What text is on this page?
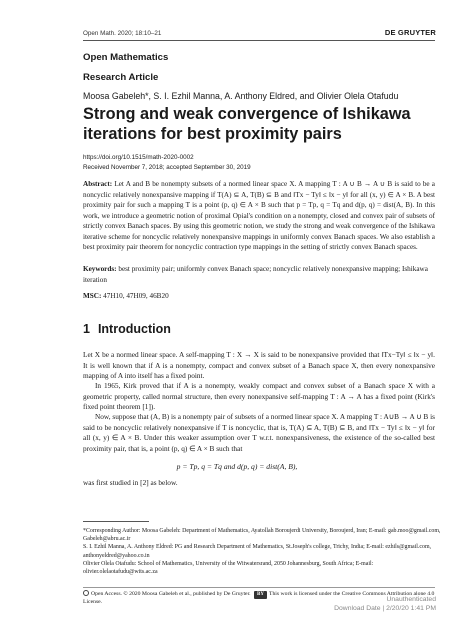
Open Math. 2020; 18:10–21	DE GRUYTER
Open Mathematics
Research Article
Moosa Gabeleh*, S. I. Ezhil Manna, A. Anthony Eldred, and Olivier Olela Otafudu
Strong and weak convergence of Ishikawa iterations for best proximity pairs
https://doi.org/10.1515/math-2020-0002
Received November 7, 2018; accepted September 30, 2019
Abstract: Let A and B be nonempty subsets of a normed linear space X. A mapping T : A ∪ B → A ∪ B is said to be a noncyclic relatively nonexpansive mapping if T(A) ⊆ A, T(B) ⊆ B and ‖Tx − Ty‖ ≤ ‖x − y‖ for all (x, y) ∈ A × B. A best proximity pair for such a mapping T is a point (p, q) ∈ A × B such that p = Tp, q = Tq and d(p, q) = dist(A, B). In this work, we introduce a geometric notion of proximal Opial's condition on a nonempty, closed and convex pair of subsets of strictly convex Banach spaces. By using this geometric notion, we study the strong and weak convergence of the Ishikawa iterative scheme for noncyclic relatively nonexpansive mappings in uniformly convex Banach spaces. We also establish a best proximity pair theorem for noncyclic contraction type mappings in the setting of strictly convex Banach spaces.
Keywords: best proximity pair; uniformly convex Banach space; noncyclic relatively nonexpansive mapping; Ishikawa iteration
MSC: 47H10, 47H09, 46B20
1 Introduction
Let X be a normed linear space. A self-mapping T : X → X is said to be nonexpansive provided that ‖Tx−Ty‖ ≤ ‖x − y‖. It is well known that if A is a nonempty, compact and convex subset of a Banach space X, then every nonexpansive mapping of A into itself has a fixed point.
In 1965, Kirk proved that if A is a nonempty, weakly compact and convex subset of a Banach space X with a geometric property, called normal structure, then every nonexpansive self-mapping T : A → A has a fixed point (Kirk's fixed point theorem [1]).
Now, suppose that (A, B) is a nonempty pair of subsets of a normed linear space X. A mapping T : A∪B → A ∪ B is said to be noncyclic relatively nonexpansive if T is noncyclic, that is, T(A) ⊆ A, T(B) ⊆ B, and ‖Tx − Ty‖ ≤ ‖x − y‖ for all (x, y) ∈ A × B. Under this weaker assumption over T w.r.t. nonexpansiveness, the existence of the so-called best proximity pair, that is, a point (p, q) ∈ A × B such that
p = Tp, q = Tq and d(p, q) = dist(A, B),
was first studied in [2] as below.
*Corresponding Author: Moosa Gabeleh: Department of Mathematics, Ayatollah Boroujerdi University, Boroujerd, Iran; E-mail: gab.moo@gmail.com, Gabeleh@abru.ac.ir
S. I. Ezhil Manna, A. Anthony Eldred: PG and Research Department of Mathematics, St.Joseph's college, Trichy, India; E-mail: ezhils@gmail.com, anthonyeldred@yahoo.co.in
Olivier Olela Otafudu: School of Mathematics, University of the Witwatersrand, 2050 Johannesburg, South Africa; E-mail: olivier.olelaotafudu@wits.ac.za
Open Access. © 2020 Moosa Gabeleh et al., published by De Gruyter. BY This work is licensed under the Creative Commons Attribution alone 4.0 License.	Unauthenticated
Download Date | 2/20/20 1:41 PM
